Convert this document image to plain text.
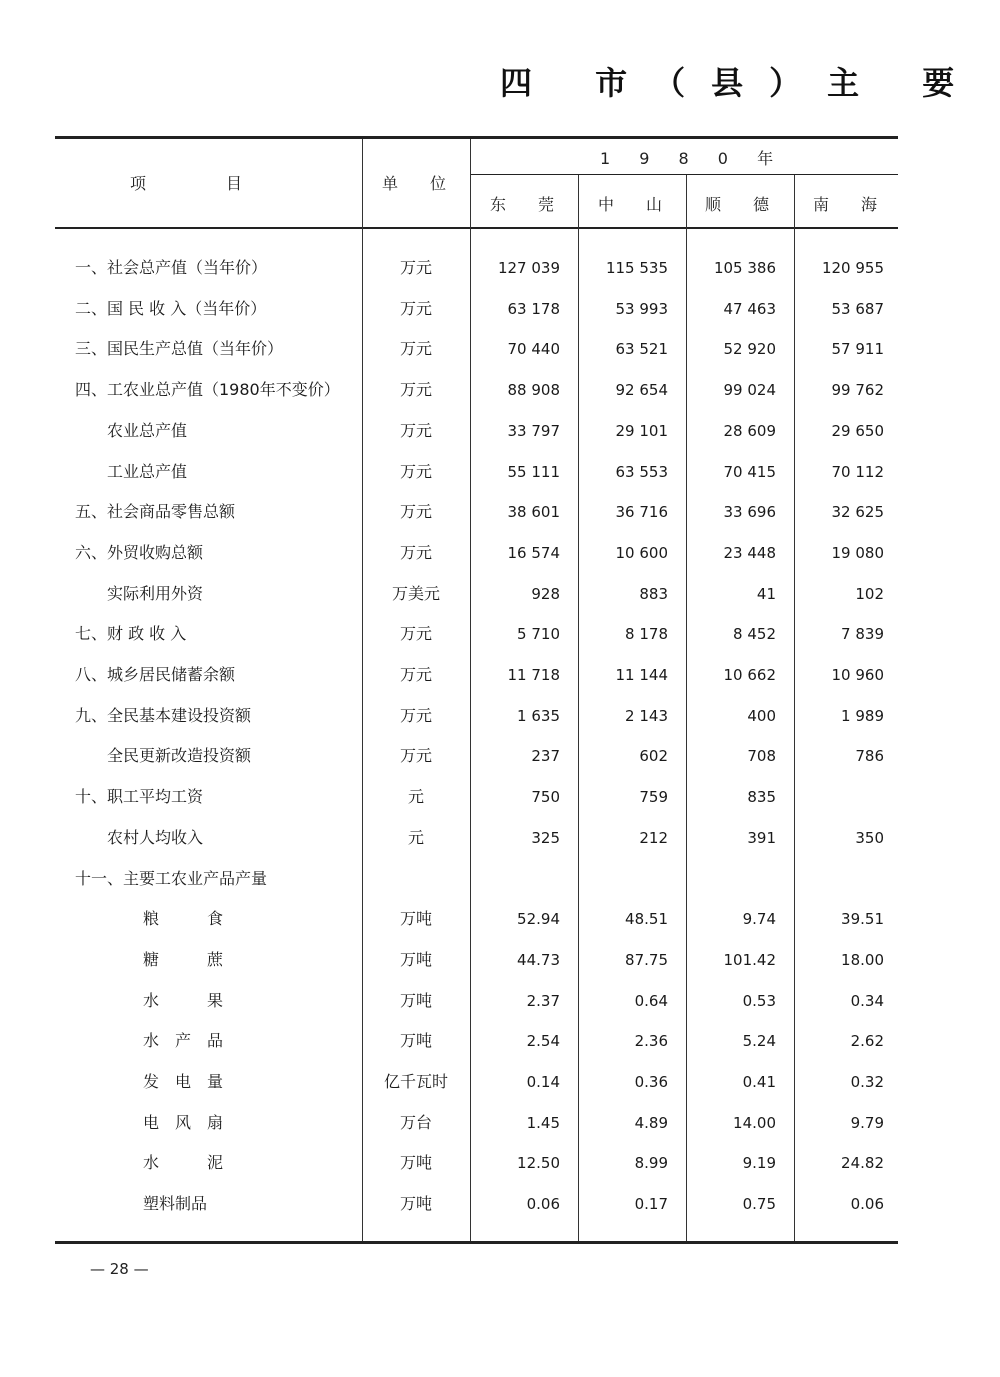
四 市（县）主 要
项　　　　　目	单　　位
1 9 8 0 年
东　　莞	中　　山	顺　　德	南　　海
一、社会总产值（当年价）	万元	127 039	115 535	105 386	120 955
二、国 民 收 入（当年价）	万元	63 178	53 993	47 463	53 687
三、国民生产总值（当年价）	万元	70 440	63 521	52 920	57 911
四、工农业总产值（1980年不变价）	万元	88 908	92 654	99 024	99 762
农业总产值	万元	33 797	29 101	28 609	29 650
工业总产值	万元	55 111	63 553	70 415	70 112
五、社会商品零售总额	万元	38 601	36 716	33 696	32 625
六、外贸收购总额	万元	16 574	10 600	23 448	19 080
实际利用外资	万美元	928	883	41	102
七、财 政 收 入	万元	5 710	8 178	8 452	7 839
八、城乡居民储蓄余额	万元	11 718	11 144	10 662	10 960
九、全民基本建设投资额	万元	1 635	2 143	400	1 989
全民更新改造投资额	万元	237	602	708	786
十、职工平均工资	元	750	759	835
农村人均收入	元	325	212	391	350
十一、主要工农业产品产量
粮　　　食	万吨	52.94	48.51	9.74	39.51
糖　　　蔗	万吨	44.73	87.75	101.42	18.00
水　　　果	万吨	2.37	0.64	0.53	0.34
水　产　品	万吨	2.54	2.36	5.24	2.62
发　电　量	亿千瓦时	0.14	0.36	0.41	0.32
电　风　扇	万台	1.45	4.89	14.00	9.79
水　　　泥	万吨	12.50	8.99	9.19	24.82
塑料制品	万吨	0.06	0.17	0.75	0.06
— 28 —
